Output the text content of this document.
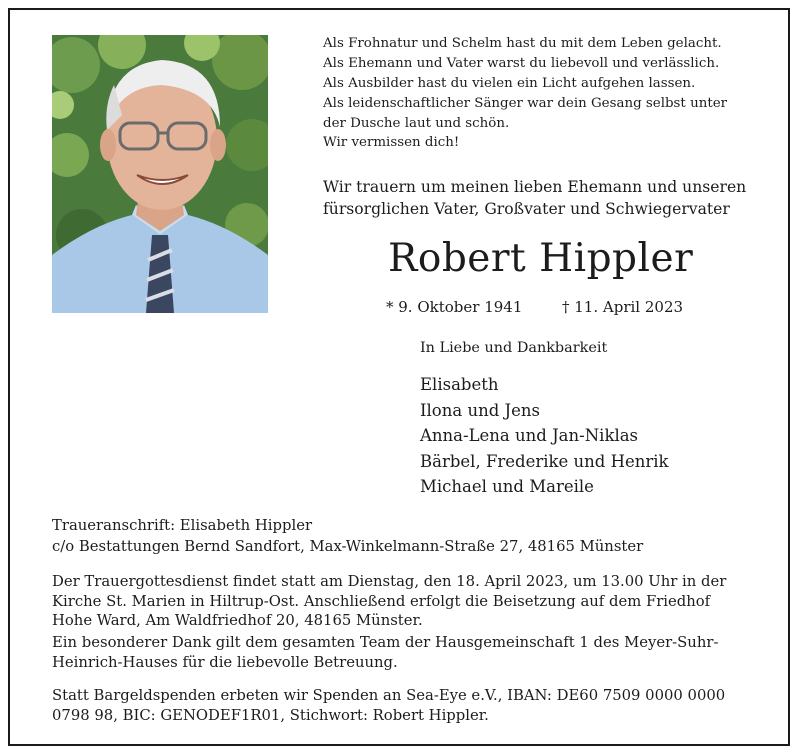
Als Frohnatur und Schelm hast du mit dem Leben gelacht.
Als Ehemann und Vater warst du liebevoll und verlässlich.
Als Ausbilder hast du vielen ein Licht aufgehen lassen.
Als leidenschaftlicher Sänger war dein Gesang selbst unter
der Dusche laut und schön.
Wir vermissen dich!
Wir trauern um meinen lieben Ehemann und unseren
fürsorglichen Vater, Großvater und Schwiegervater
Robert Hippler
* 9. Oktober 1941	† 11. April 2023
In Liebe und Dankbarkeit
Elisabeth
Ilona und Jens
Anna-Lena und Jan-Niklas
Bärbel, Frederike und Henrik
Michael und Mareile
Traueranschrift: Elisabeth Hippler
c/o Bestattungen Bernd Sandfort, Max-Winkelmann-Straße 27, 48165 Münster
Der Trauergottesdienst findet statt am Dienstag, den 18. April 2023, um 13.00 Uhr in der
Kirche St. Marien in Hiltrup-Ost. Anschließend erfolgt die Beisetzung auf dem Friedhof
Hohe Ward, Am Waldfriedhof 20, 48165 Münster.
Ein besonderer Dank gilt dem gesamten Team der Hausgemeinschaft 1 des Meyer-Suhr-
Heinrich-Hauses für die liebevolle Betreuung.
Statt Bargeldspenden erbeten wir Spenden an Sea-Eye e.V., IBAN: DE60 7509 0000 0000
0798 98, BIC: GENODEF1R01, Stichwort: Robert Hippler.
